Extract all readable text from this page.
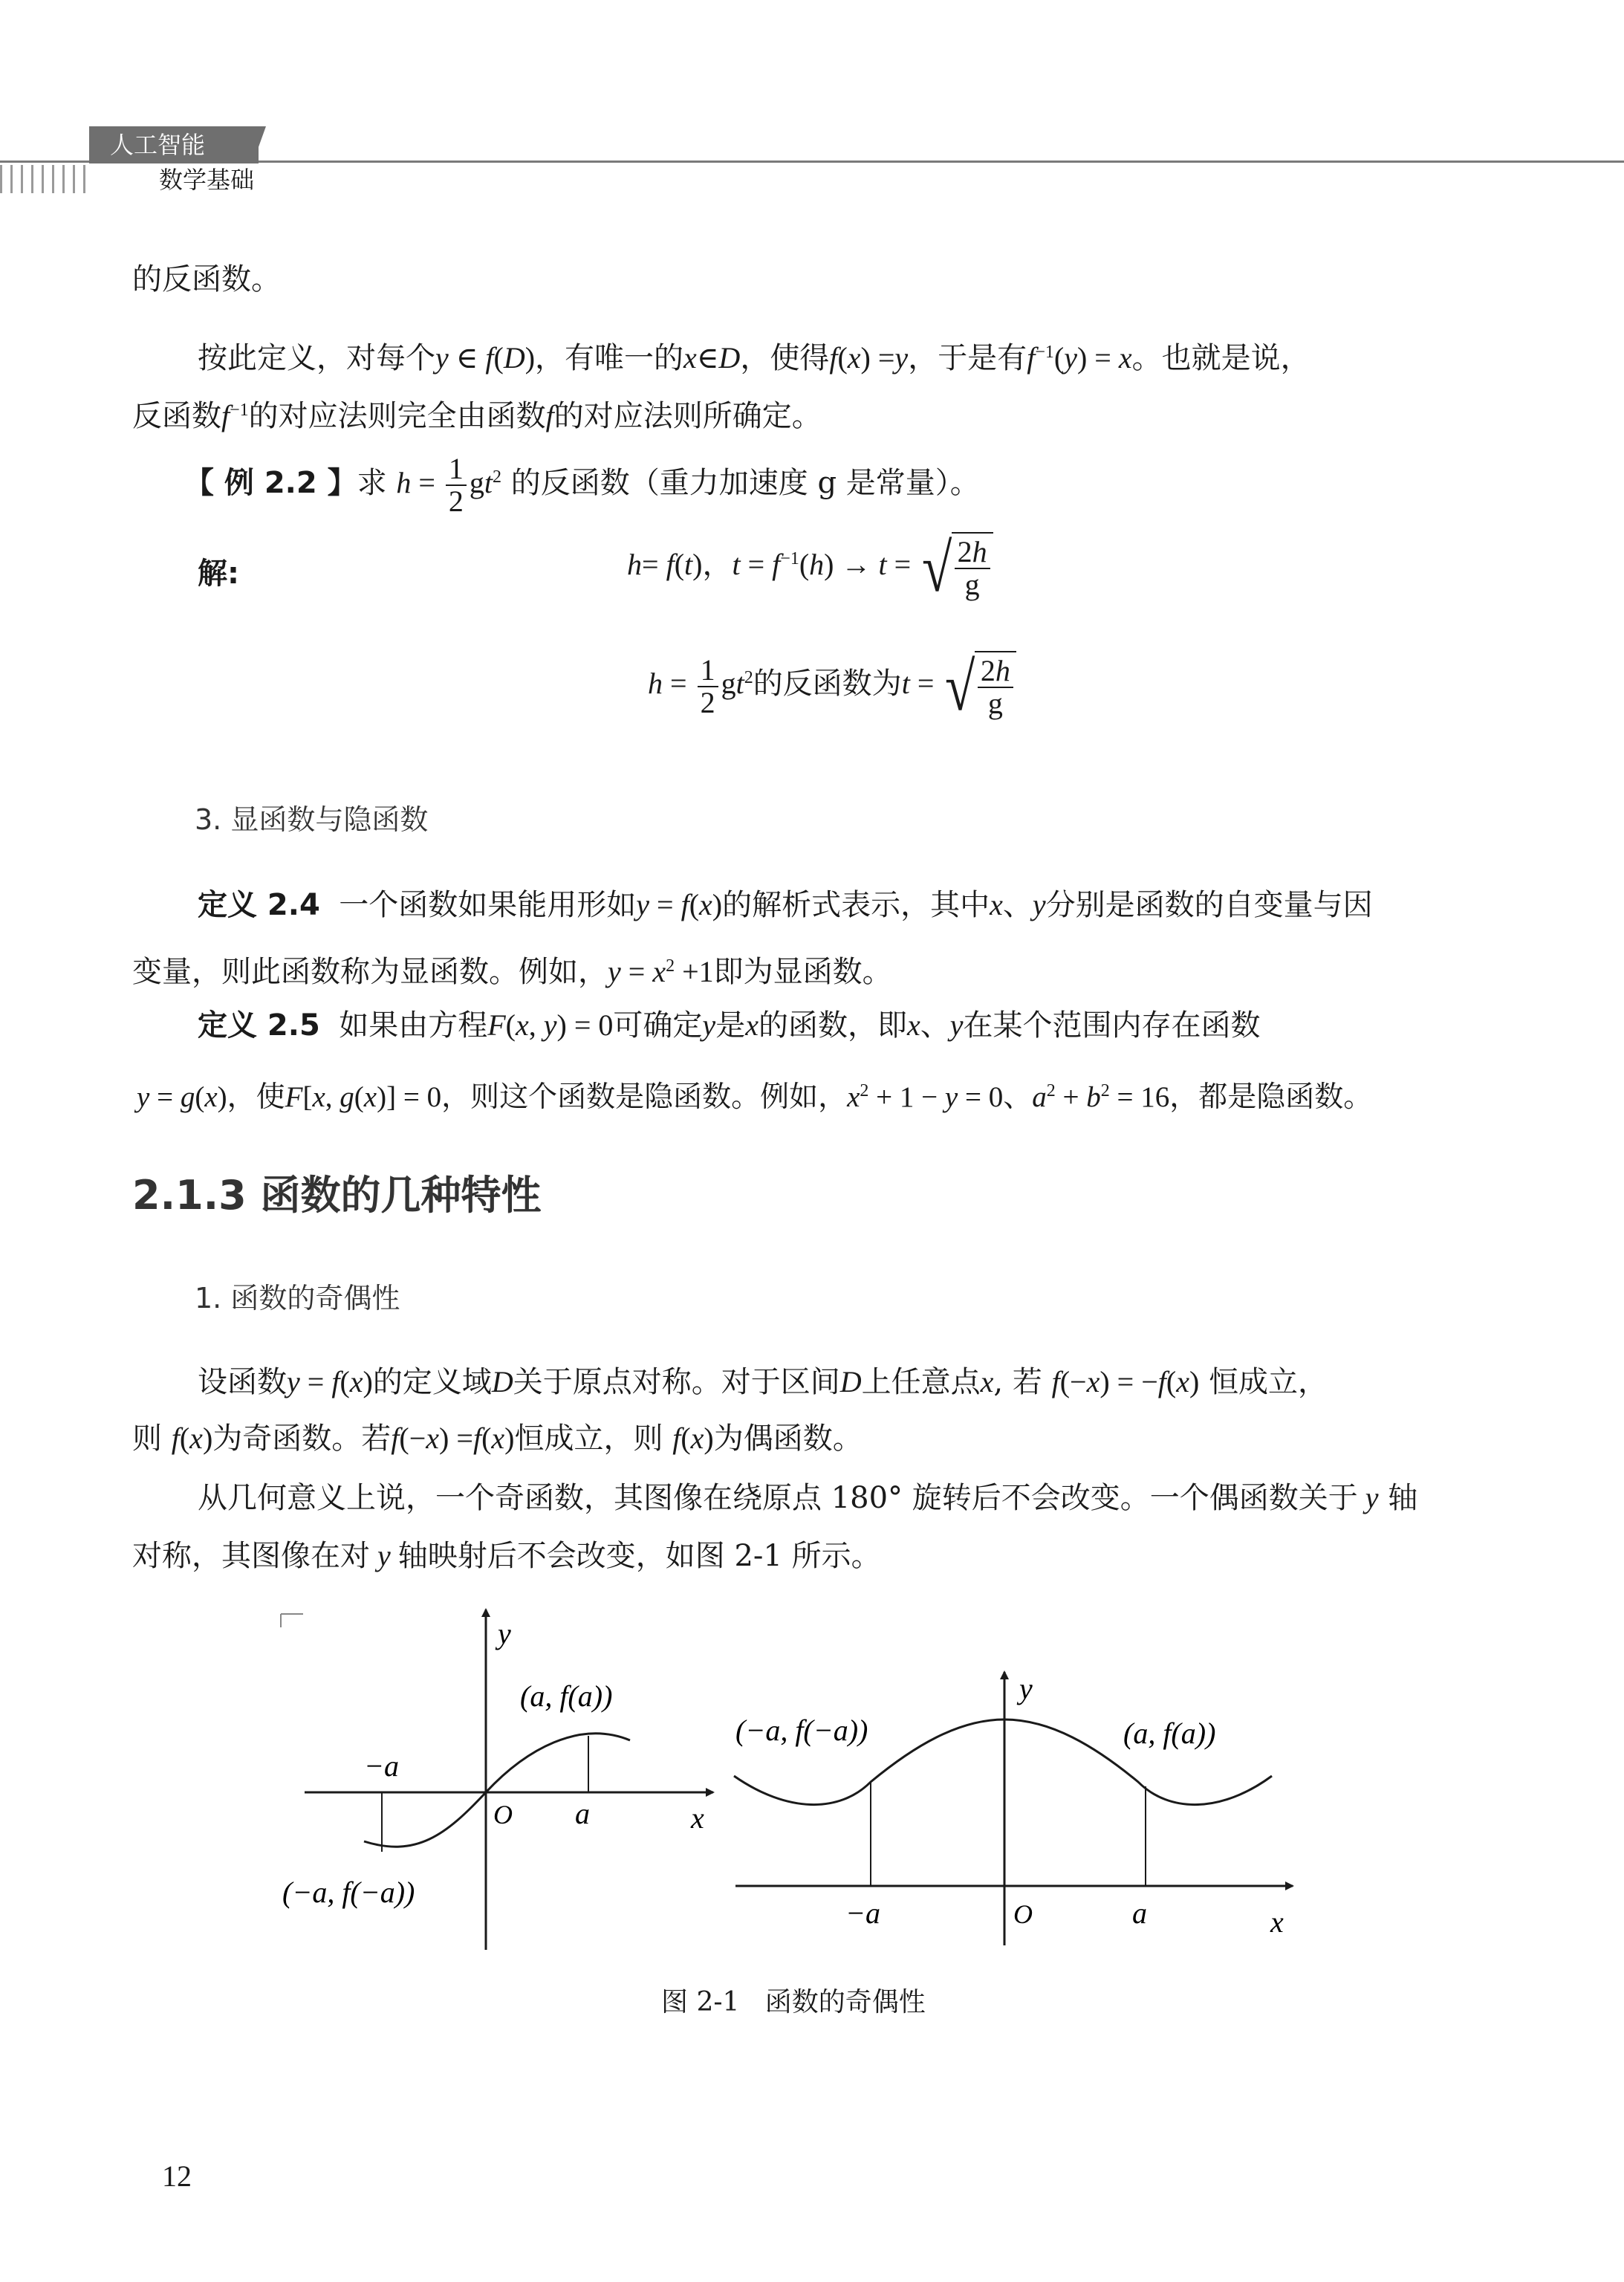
人工智能
数学基础
的反函数。
按此定义，对每个y ∈ f(D)，有唯一的x∈D，使得f(x) =y，于是有$f^{-1}(y) = x$。也就是说，
反函数$f^{-1}$的对应法则完全由函数f的对应法则所确定。
【 例 2.2 】求 $h = \frac{1}{2} gt^2$ 的反函数（重力加速度 g 是常量）。
解:	h= f(t)，$t = f^{-1}(h) \to t$ = √ $\frac{2h}{g}$
$h = \frac{1}{2} gt^2$的反函数为t = √ $\frac{2h}{g}$
3. 显函数与隐函数
定义 2.4 一个函数如果能用形如y = f(x)的解析式表示，其中x、y分别是函数的自变量与因
变量，则此函数称为显函数。例如，$y = x^2 +1$即为显函数。
定义 2.5 如果由方程F(x, y) = 0可确定y是x的函数，即x、y在某个范围内存在函数
y = g(x)，使F[x, g(x)] = 0，则这个函数是隐函数。例如，$x^2 + 1 - y = 0$、$a^2 + b^2 = 16$，都是隐函数。
2.1.3 函数的几种特性
1. 函数的奇偶性
设函数y = f(x)的定义域D关于原点对称。对于区间D上任意点x, 若 f(−x) = −f(x) 恒成立，
则 f(x)为奇函数。若f(−x) =f(x)恒成立，则 f(x)为偶函数。
从几何意义上说，一个奇函数，其图像在绕原点 180° 旋转后不会改变。一个偶函数关于 y 轴
对称，其图像在对 y 轴映射后不会改变，如图 2-1 所示。
y
x
O a
−a
(a, f(a))
(−a, f(−a))
y
x
O	a
−a
(−a, f(−a))	(a, f(a))
图 2-1   函数的奇偶性
12
